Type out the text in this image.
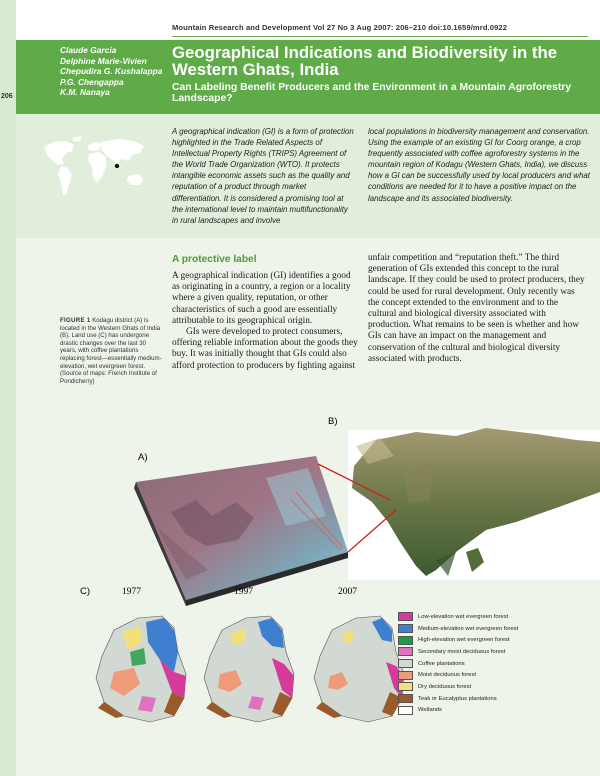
Mountain Research and Development Vol 27 No 3 Aug 2007: 206–210 doi:10.1659/mrd.0922
206
Claude Garcia
Delphine Marie-Vivien
Chepudira G. Kushalappa
P.G. Chengappa
K.M. Nanaya
Geographical Indications and Biodiversity in the Western Ghats, India
Can Labeling Benefit Producers and the Environment in a Mountain Agroforestry Landscape?
A geographical indication (GI) is a form of protection highlighted in the Trade Related Aspects of Intellectual Property Rights (TRIPS) Agreement of the World Trade Organization (WTO). It protects intangible economic assets such as the quality and reputation of a product through market differentiation. It is considered a promising tool at the international level to maintain multifunctionality in rural landscapes and involve
local populations in biodiversity management and conservation. Using the example of an existing GI for Coorg orange, a crop frequently associated with coffee agroforestry systems in the mountain region of Kodagu (Western Ghats, India), we discuss how a GI can be successfully used by local producers and what conditions are needed for it to have a positive impact on the landscape and its associated biodiversity.
FIGURE 1 Kodagu district (A) is located in the Western Ghats of India (B). Land use (C) has undergone drastic changes over the last 30 years, with coffee plantations replacing forest—essentially medium-elevation, wet evergreen forest. (Source of maps: French Institute of Pondicherry)
A protective label

A geographical indication (GI) identifies a good as originating in a country, a region or a locality where a given quality, reputation, or other characteristics of such a good are essentially attributable to its geographical origin.

GIs were developed to protect consumers, offering reliable information about the goods they buy. It was initially thought that GIs could also afford protection to producers by fighting against

unfair competition and “reputation theft.” The third generation of GIs extended this concept to the rural landscape. If they could be used to protect producers, they could be used for rural development. Only recently was the concept extended to the environment and to the cultural and biological diversity associated with production. What remains to be seen is whether and how GIs can have an impact on the management and conservation of the cultural and biological diversity associated with products.

A)
B)
1977	1997	2007
C)
Low-elevation wet evergreen forest
Medium-elevation wet evergreen forest
High-elevation wet evergreen forest
Secondary moist deciduous forest
Coffee plantations
Moist deciduous forest
Dry deciduous forest
Teak or Eucalyptus plantations
Wetlands
